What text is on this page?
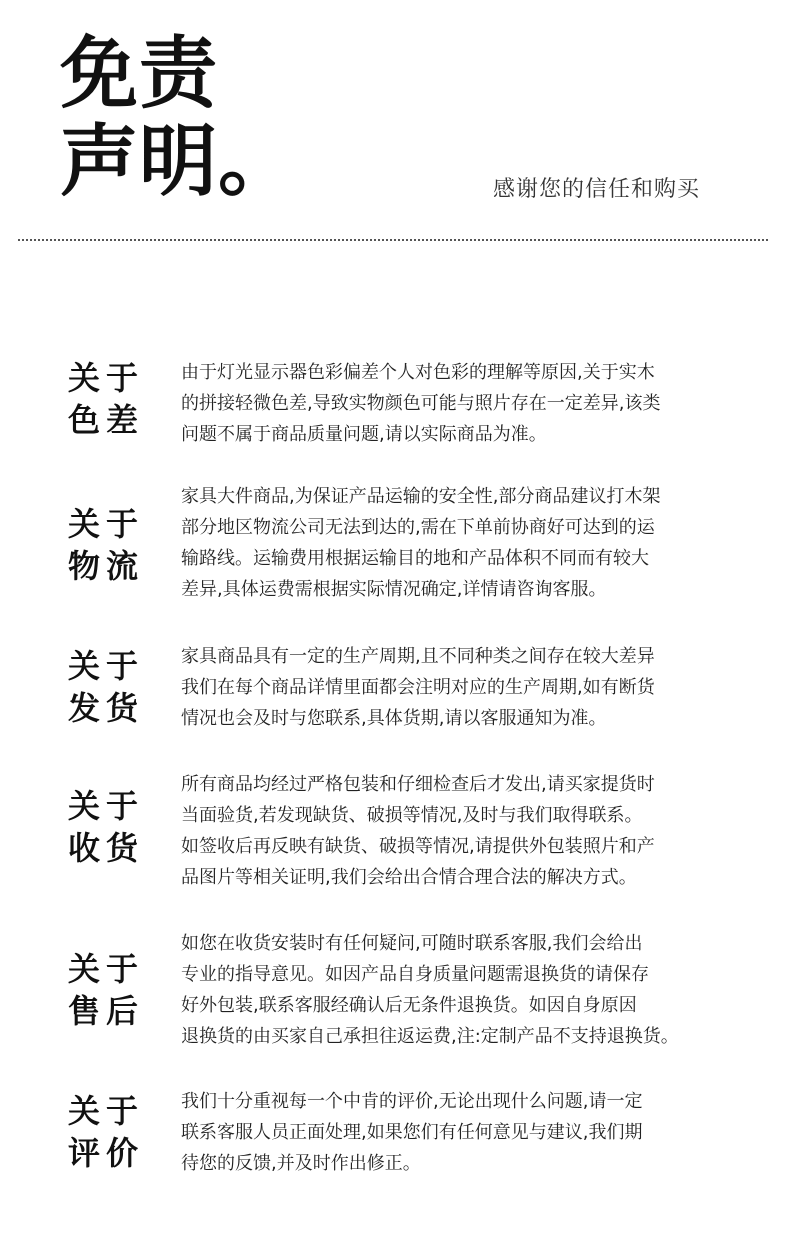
免责
声明。	感谢您的信任和购买
关于
色差
由于灯光显示器色彩偏差个人对色彩的理解等原因,关于实木
的拼接轻微色差,导致实物颜色可能与照片存在一定差异,该类
问题不属于商品质量问题,请以实际商品为准。
关于
物流
家具大件商品,为保证产品运输的安全性,部分商品建议打木架
部分地区物流公司无法到达的,需在下单前协商好可达到的运
输路线。运输费用根据运输目的地和产品体积不同而有较大
差异,具体运费需根据实际情况确定,详情请咨询客服。
关于
发货
家具商品具有一定的生产周期,且不同种类之间存在较大差异
我们在每个商品详情里面都会注明对应的生产周期,如有断货
情况也会及时与您联系,具体货期,请以客服通知为准。
关于
收货
所有商品均经过严格包装和仔细检查后才发出,请买家提货时
当面验货,若发现缺货、破损等情况,及时与我们取得联系。
如签收后再反映有缺货、破损等情况,请提供外包装照片和产
品图片等相关证明,我们会给出合情合理合法的解决方式。
关于
售后
如您在收货安装时有任何疑问,可随时联系客服,我们会给出
专业的指导意见。如因产品自身质量问题需退换货的请保存
好外包装,联系客服经确认后无条件退换货。如因自身原因
退换货的由买家自己承担往返运费,注:定制产品不支持退换货。
关于
评价
我们十分重视每一个中肯的评价,无论出现什么问题,请一定
联系客服人员正面处理,如果您们有任何意见与建议,我们期
待您的反馈,并及时作出修正。
